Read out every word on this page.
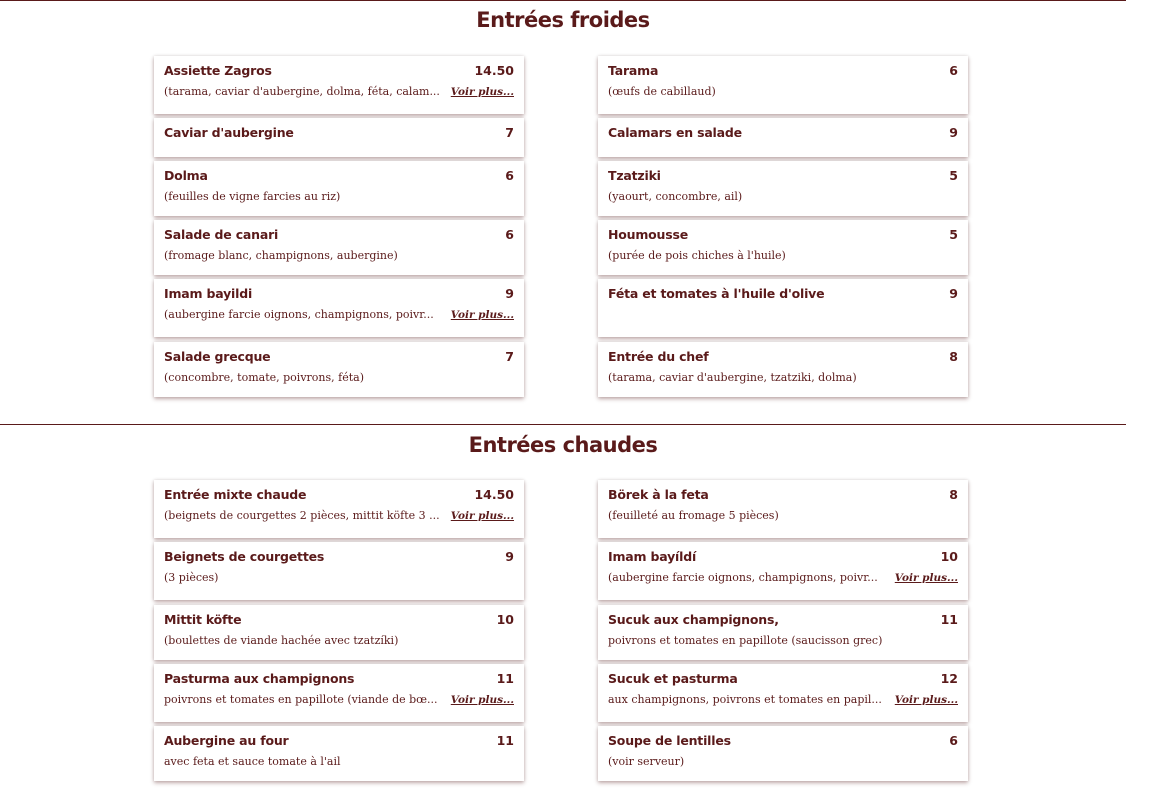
Entrées froides
Assiette Zagros	14.50
(tarama, caviar d'aubergine, dolma, féta, calam... Voir plus...
Caviar d'aubergine	7
Dolma	6
(feuilles de vigne farcies au riz)
Salade de canari	6
(fromage blanc, champignons, aubergine)
Imam bayildi	9
(aubergine farcie oignons, champignons, poivr... Voir plus...
Salade grecque	7
(concombre, tomate, poivrons, féta)
Tarama	6
(œufs de cabillaud)
Calamars en salade	9
Tzatziki	5
(yaourt, concombre, ail)
Houmousse	5
(purée de pois chiches à l'huile)
Féta et tomates à l'huile d'olive	9
Entrée du chef	8
(tarama, caviar d'aubergine, tzatziki, dolma)
Entrées chaudes
Entrée mixte chaude	14.50
(beignets de courgettes 2 pièces, mittit köfte 3 ... Voir plus...
Beignets de courgettes	9
(3 pièces)
Mittit köfte	10
(boulettes de viande hachée avec tzatzíki)
Pasturma aux champignons	11
poivrons et tomates en papillote (viande de bœ... Voir plus...
Aubergine au four	11
avec feta et sauce tomate à l'ail
Börek à la feta	8
(feuilleté au fromage 5 pièces)
Imam bayíldí	10
(aubergine farcie oignons, champignons, poivr... Voir plus...
Sucuk aux champignons,	11
poivrons et tomates en papillote (saucisson grec)
Sucuk et pasturma	12
aux champignons, poivrons et tomates en papil... Voir plus...
Soupe de lentilles	6
(voir serveur)
